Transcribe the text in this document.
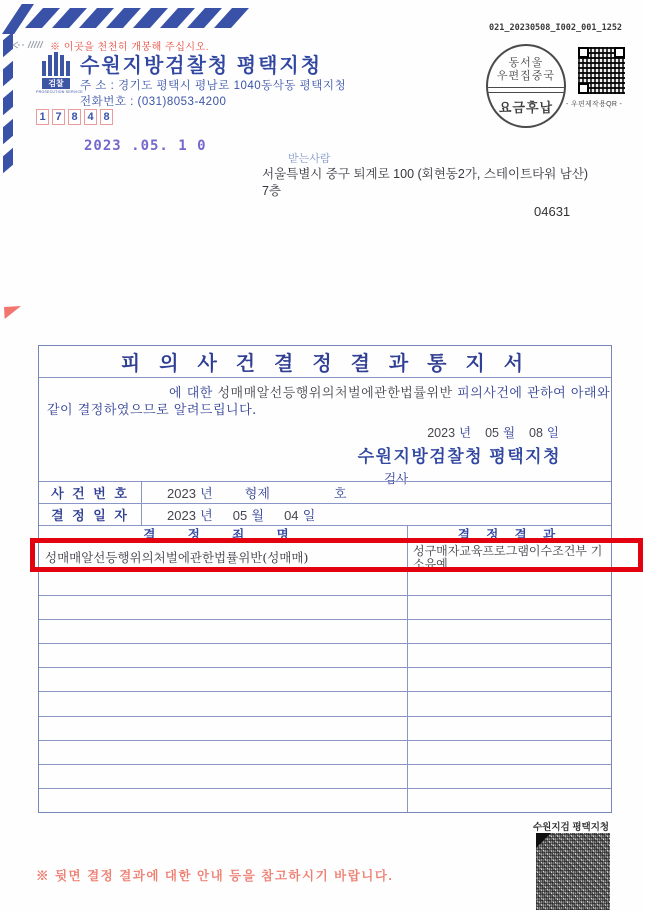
※ 이곳을 천천히 개봉해 주십시오.
검찰
PROSECUTION SERVICE
수원지방검찰청 평택지청
주 소 : 경기도 평택시 평남로 1040동삭동 평택지청
전화번호 : (031)8053-4200
1 7 8 4 8
021_20230508_I002_001_1252
동서울
우편집중국
요금후납 - 우편제작용QR -
2023 .05. 1 0
받는사람
서울특별시 중구 퇴계로 100 (회현동2가, 스테이트타워 남산)
7층
04631
피 의 사 건 결 정 결 과 통 지 서
에 대한 성매매알선등행위의처벌에관한법률위반 피의사건에 관하여 아래와
같이 결정하였으므로 알려드립니다.
2023 년 05 월 08 일
수원지방검찰청 평택지청
검사
사 건 번 호	2023 년 형제	호
결 정 일 자	2023 년 05 월 04 일
결 정 죄 명	결 정 결 과
성매매알선등행위의처벌에관한법률위반(성매매)	성구매자교육프로그램이수조건부 기소유예
수원지검 평택지청
※ 뒷면 결정 결과에 대한 안내 등을 참고하시기 바랍니다.
